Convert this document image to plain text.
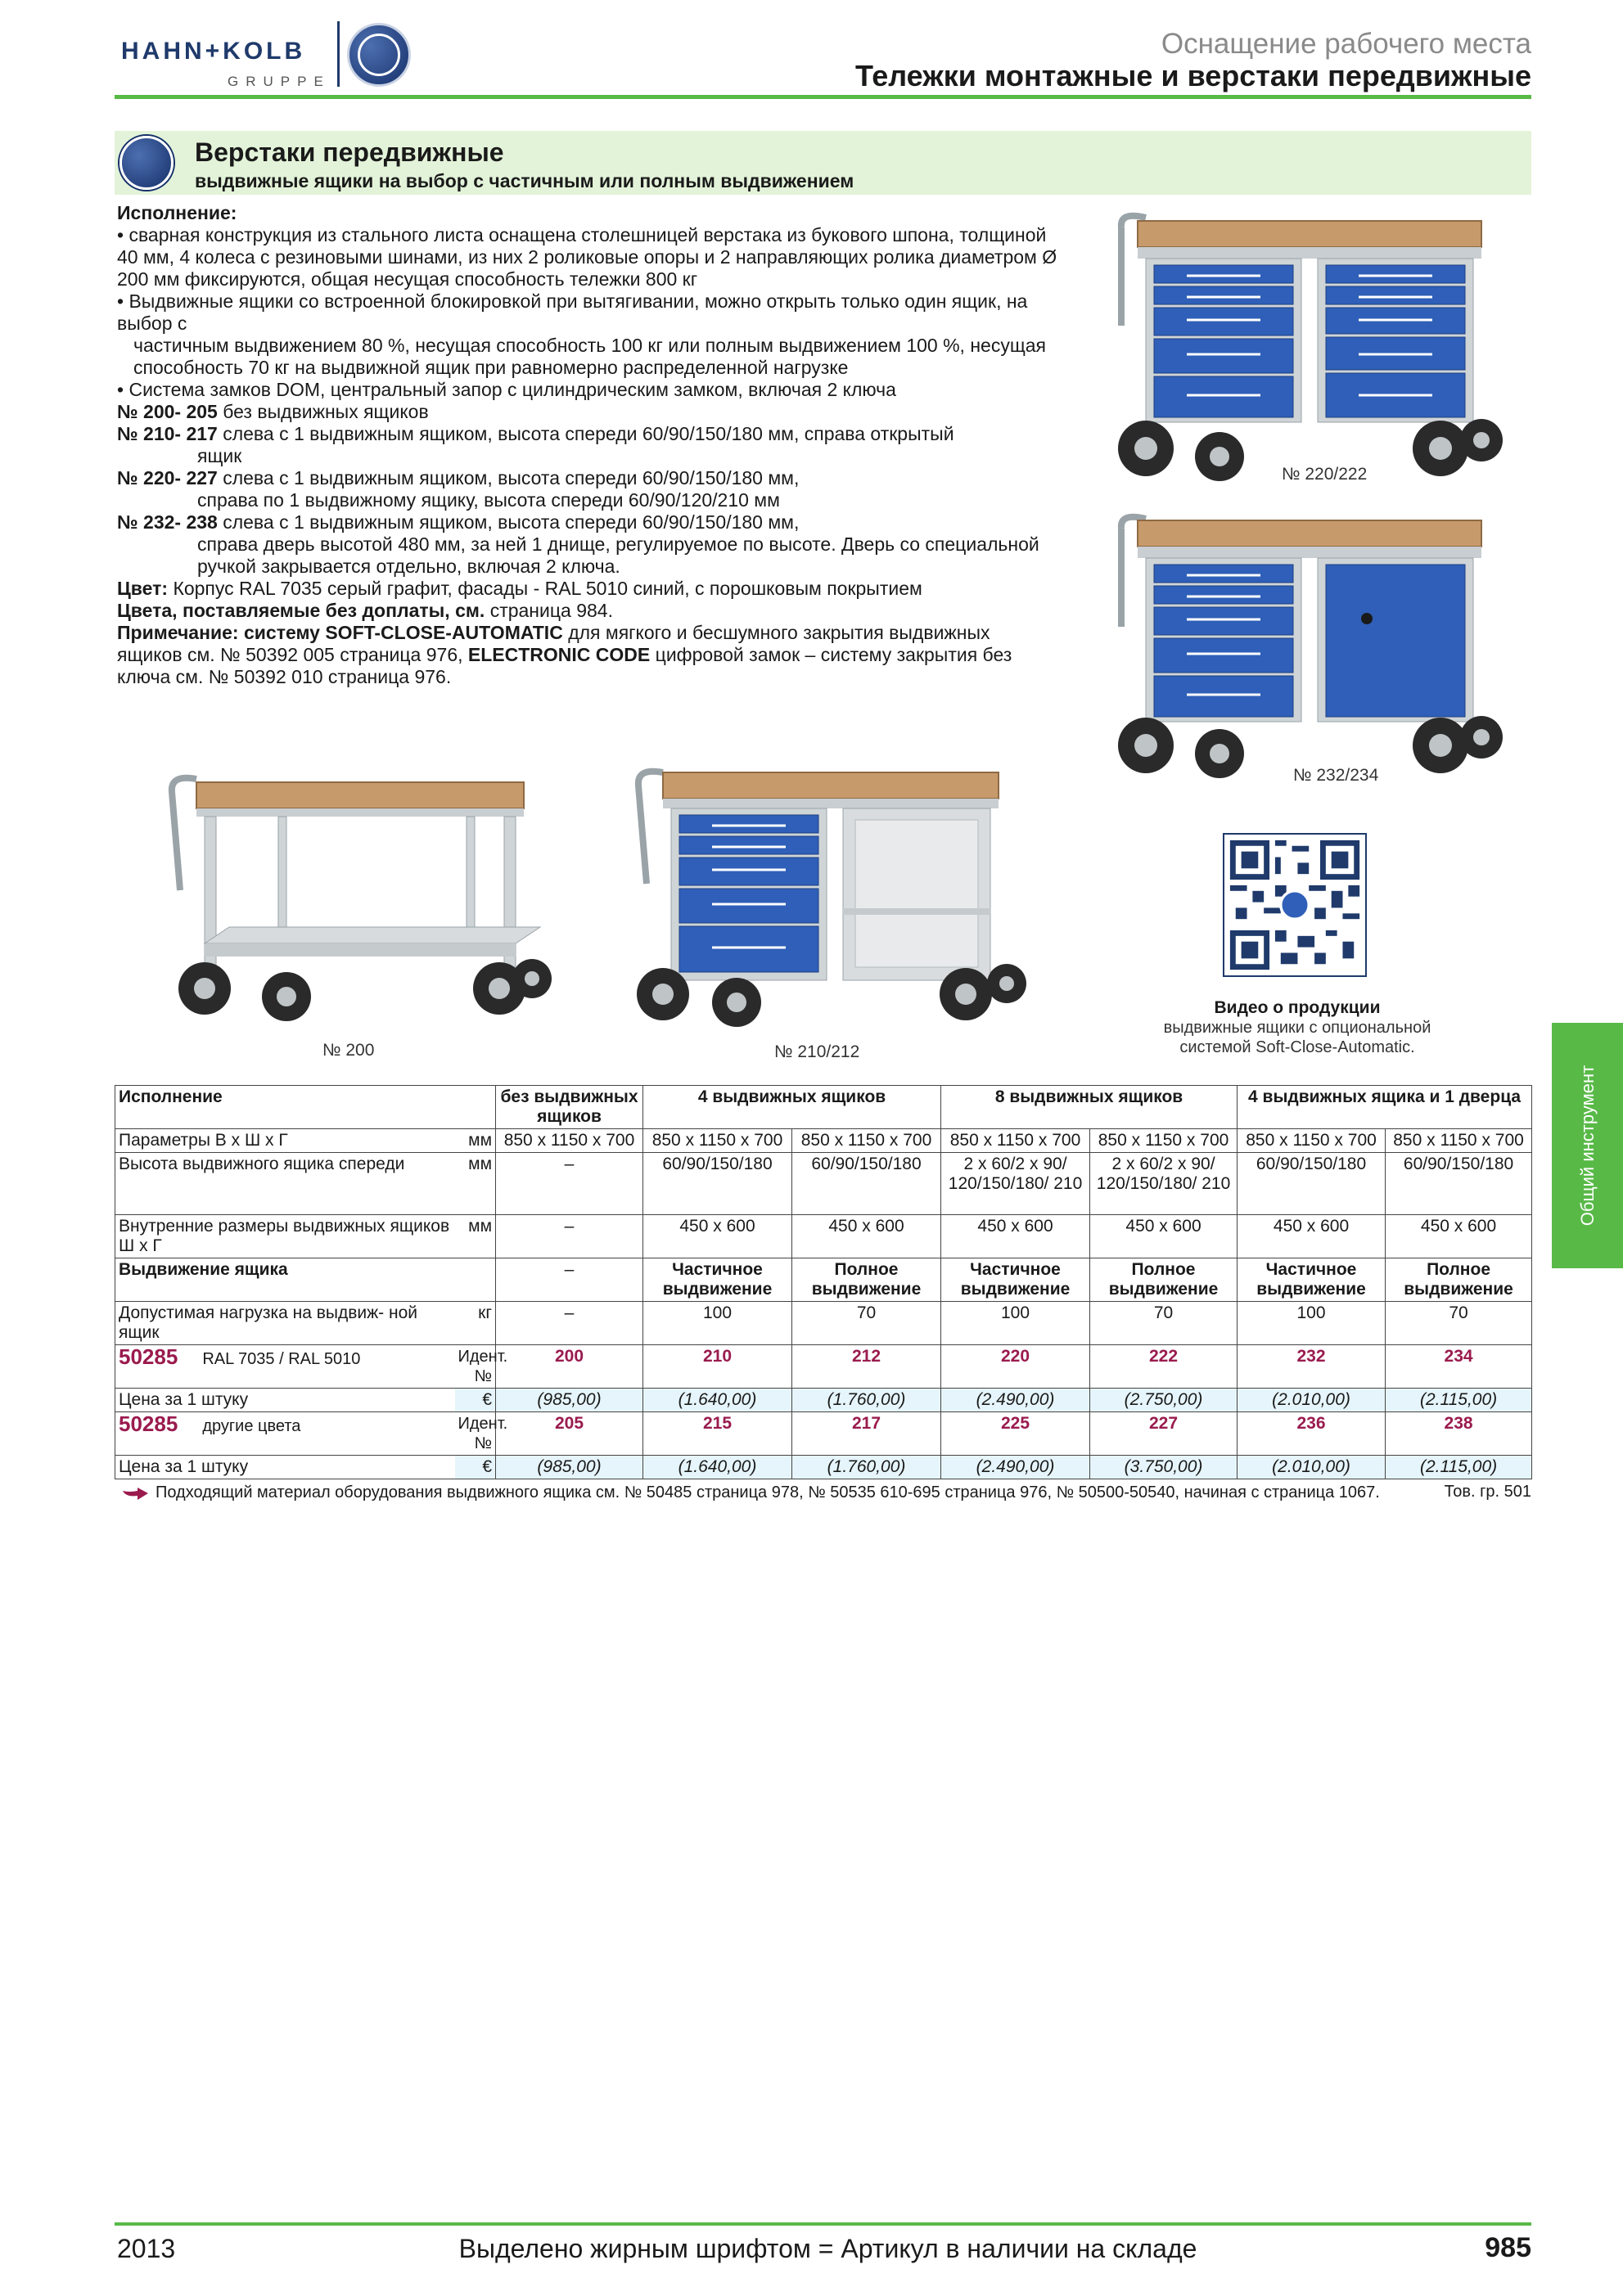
HAHN+KOLB
GRUPPE
Оснащение рабочего места
Тележки монтажные и верстаки передвижные
Верстаки передвижные
выдвижные ящики на выбор с частичным или полным выдвижением

Исполнение:

• сварная конструкция из стального листа оснащена столешницей верстака из букового шпона, толщиной 40 мм, 4 колеса с резиновыми шинами, из них 2 роликовые опоры и 2 направляющих ролика диаметром Ø 200 мм фиксируются, общая несущая способность тележки 800 кг

• Выдвижные ящики со встроенной блокировкой при вытягивании, можно открыть только один ящик, на выбор с

частичным выдвижением 80 %, несущая способность 100 кг или полным выдвижением 100 %, несущая способность 70 кг на выдвижной ящик при равномерно распределенной нагрузке

• Система замков DOM, центральный запор с цилиндрическим замком, включая 2 ключа

№ 200- 205 без выдвижных ящиков

№ 210- 217 слева с 1 выдвижным ящиком, высота спереди 60/90/150/180 мм, справа открытый

ящик

№ 220- 227 слева с 1 выдвижным ящиком, высота спереди 60/90/150/180 мм,

справа по 1 выдвижному ящику, высота спереди 60/90/120/210 мм

№ 232- 238 слева с 1 выдвижным ящиком, высота спереди 60/90/150/180 мм,

справа дверь высотой 480 мм, за ней 1 днище, регулируемое по высоте. Дверь со специальной

ручкой закрывается отдельно, включая 2 ключа.

Цвет: Корпус RAL 7035 серый графит, фасады - RAL 5010 синий, с порошковым покрытием

Цвета, поставляемые без доплаты, см. страница 984.

Примечание: систему SOFT-CLOSE-AUTOMATIC для мягкого и бесшумного закрытия выдвижных

ящиков см. № 50392 005 страница 976, ELECTRONIC CODE цифровой замок – систему закрытия без

ключа см. № 50392 010 страница 976.

№ 220/222
№ 232/234
№ 200	№ 210/212
Видео о продукции
выдвижные ящики с опциональной
системой Soft-Close-Automatic.
Общий инструмент
Исполнение		без выдвижных ящиков	4 выдвижных ящиков		8 выдвижных ящиков		4 выдвижных ящика и 1 дверца	
Параметры В х Ш х Г	мм	850 x 1150 x 700	850 x 1150 x 700	850 x 1150 x 700	850 x 1150 x 700	850 x 1150 x 700	850 x 1150 x 700	850 x 1150 x 700
Высота выдвижного ящика спереди	мм	–	60/90/150/180	60/90/150/180	2 x 60/2 x 90/ 120/150/180/ 210	2 x 60/2 x 90/ 120/150/180/ 210	60/90/150/180	60/90/150/180
Внутренние размеры выдвижных ящиков Ш х Г	мм	–	450 x 600	450 x 600	450 x 600	450 x 600	450 x 600	450 x 600
Выдвижение ящика		–	Частичное выдвижение	Полное выдвижение	Частичное выдвижение	Полное выдвижение	Частичное выдвижение	Полное выдвижение
Допустимая нагрузка на выдвиж- ной ящик	кг	–	100	70	100	70	100	70
50285 RAL 7035 / RAL 5010	Идент. №	200	210	212	220	222	232	234
Цена за 1 штуку	€	(985,00)	(1.640,00)	(1.760,00)	(2.490,00)	(2.750,00)	(2.010,00)	(2.115,00)
50285 другие цвета	Идент. №	205	215	217	225	227	236	238
Цена за 1 штуку	€	(985,00)	(1.640,00)	(1.760,00)	(2.490,00)	(3.750,00)	(2.010,00)	(2.115,00)
Подходящий материал оборудования выдвижного ящика см. № 50485 страница 978, № 50535 610-695 страница 976, № 50500-50540, начиная с страница 1067.	Тов. гр. 501
2013	Выделено жирным шрифтом = Артикул в наличии на складе	985
